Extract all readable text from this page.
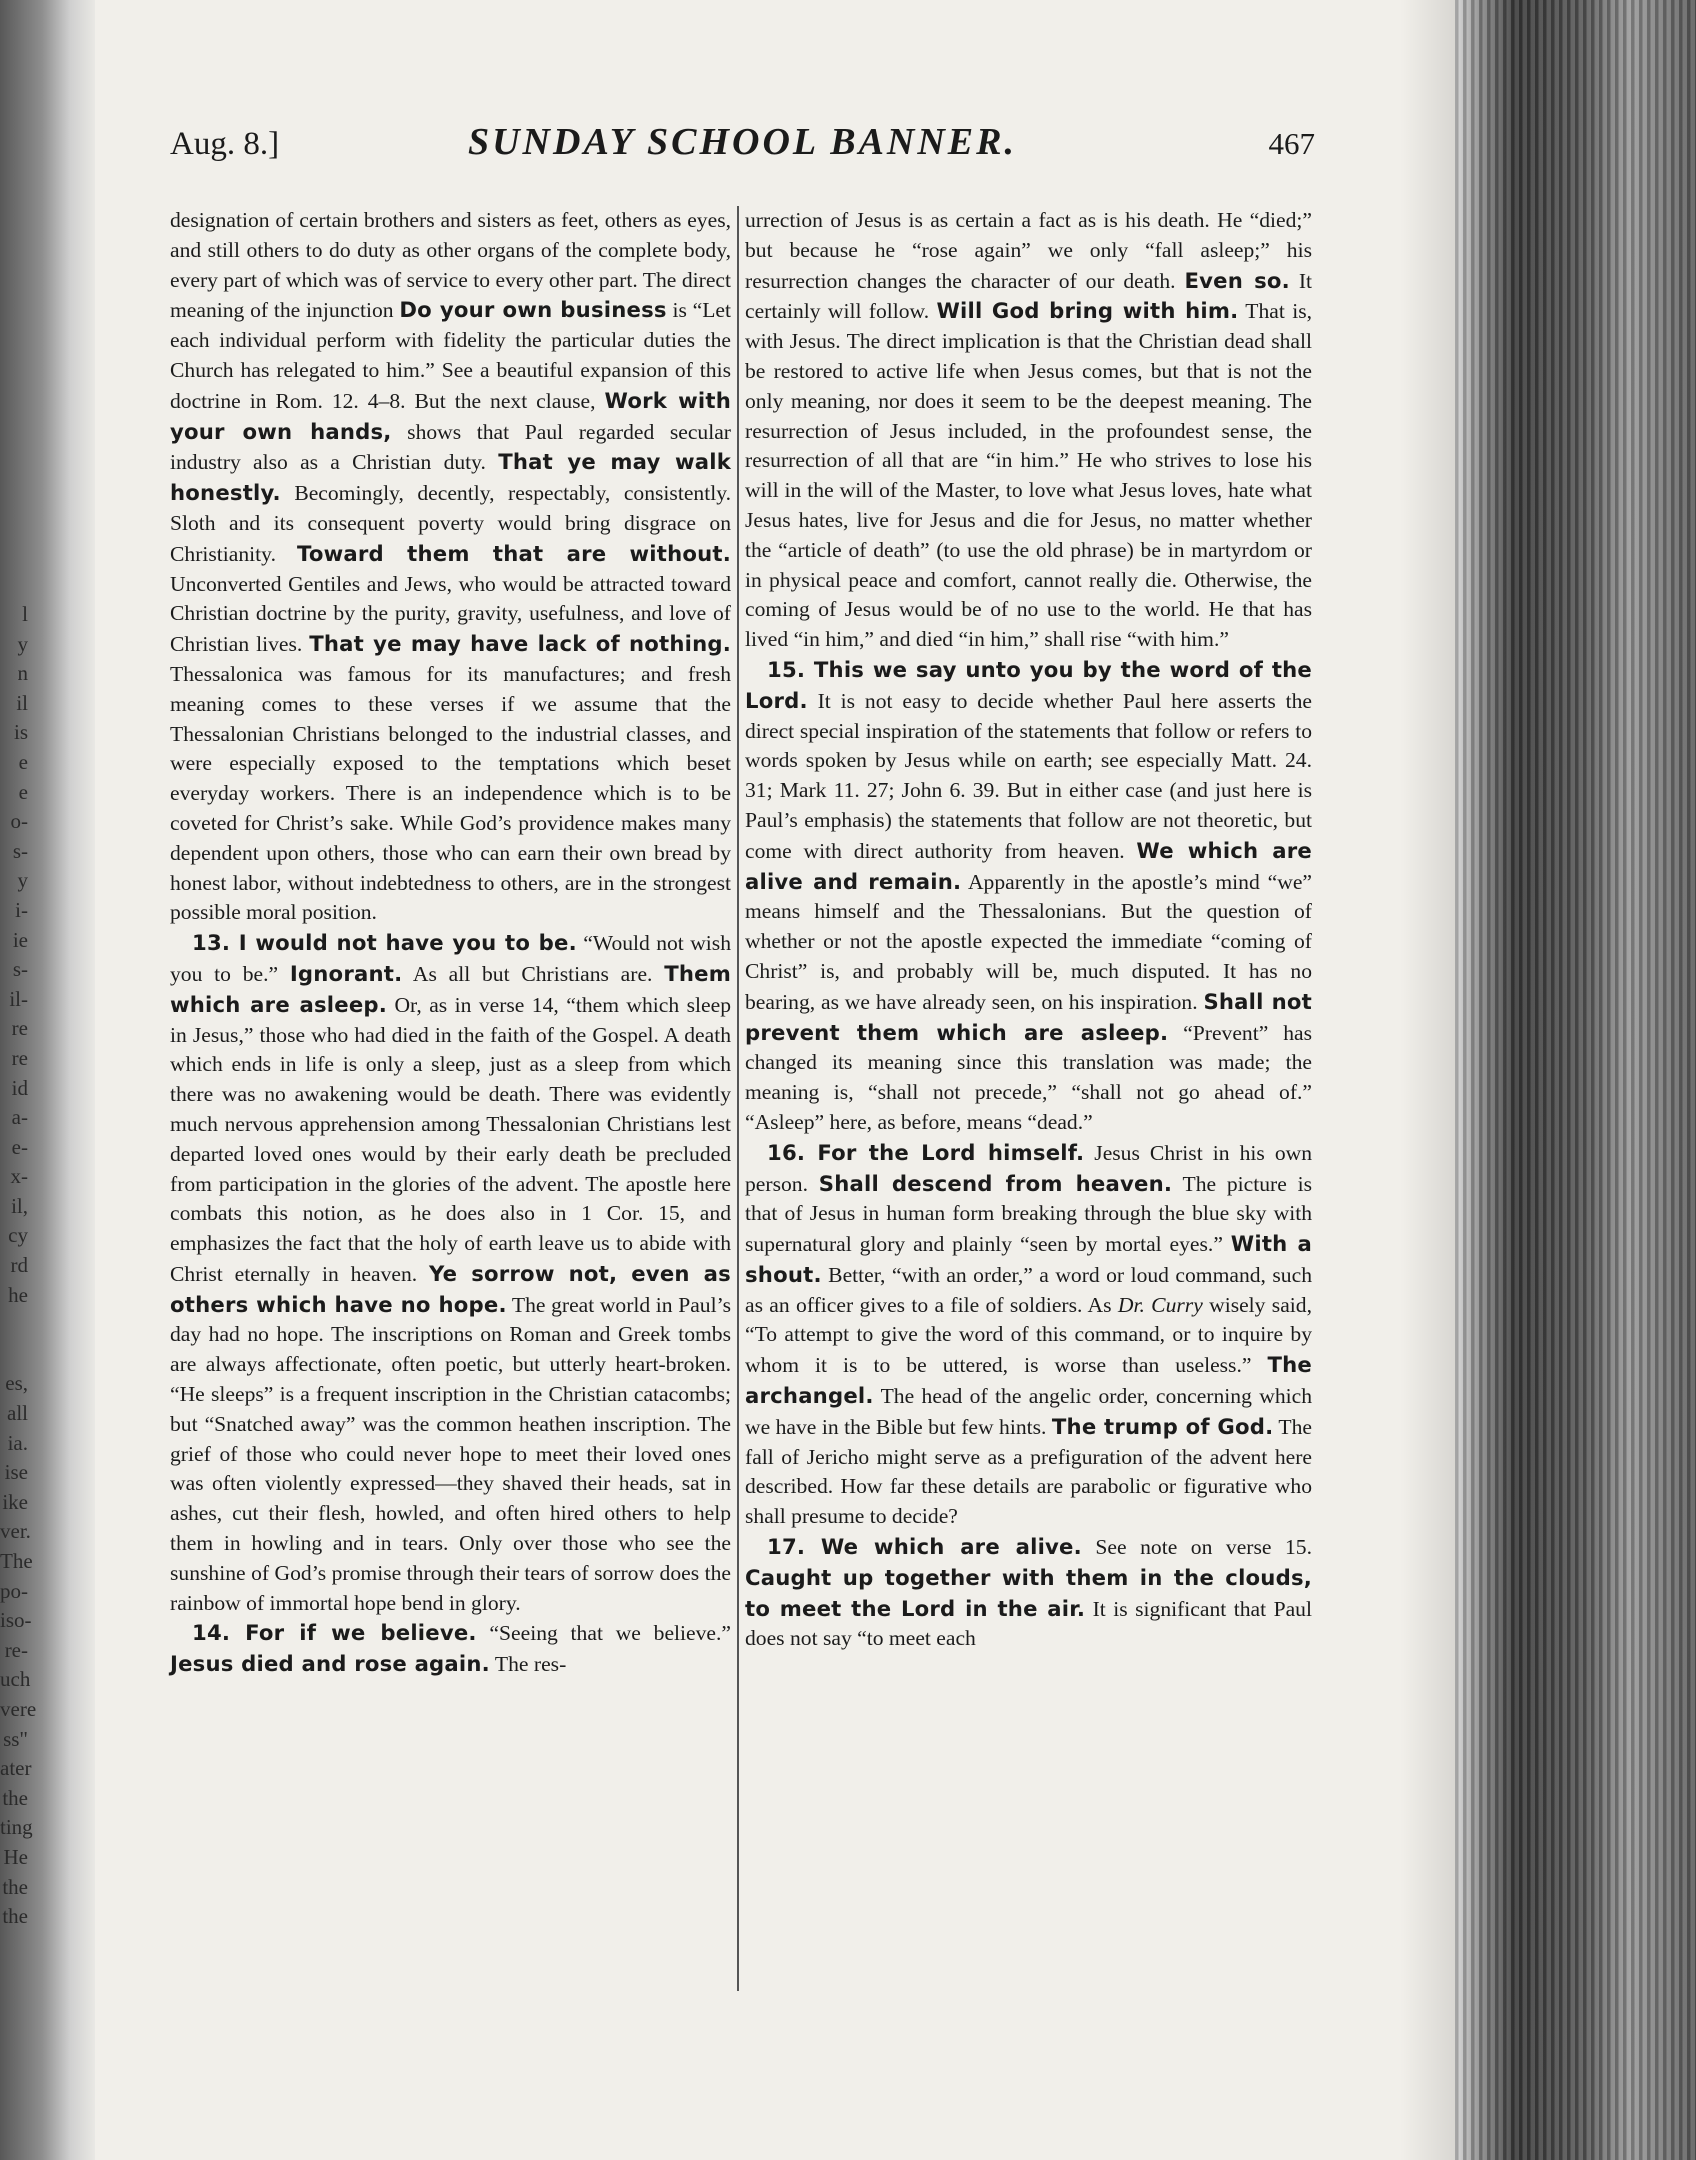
l
y
n
il
is
e
e
o-
s-
y
i-
ie
s-
il-
re
re
id
a-
e-
x-
il,
cy
rd
he

es,
all
ia.
ise
ike
ver.
The
po-
iso-
re-
uch
vere
ss"
ater
the
ting
He
the
the
Aug. 8.]	SUNDAY SCHOOL BANNER.	467

designation of certain brothers and sisters as feet, others as eyes, and still others to do duty as other organs of the complete body, every part of which was of service to every other part. The direct meaning of the injunction Do your own business is “Let each individual perform with fidelity the particular duties the Church has relegated to him.” See a beautiful expansion of this doctrine in Rom. 12. 4–8. But the next clause, Work with your own hands, shows that Paul regarded secular industry also as a Christian duty. That ye may walk honestly. Becomingly, decently, respectably, consistently. Sloth and its consequent poverty would bring disgrace on Christianity. Toward them that are without. Unconverted Gentiles and Jews, who would be attracted toward Christian doctrine by the purity, gravity, usefulness, and love of Christian lives. That ye may have lack of nothing. Thessalonica was famous for its manufactures; and fresh meaning comes to these verses if we assume that the Thessalonian Christians belonged to the industrial classes, and were especially exposed to the temptations which beset everyday workers. There is an independence which is to be coveted for Christ’s sake. While God’s providence makes many dependent upon others, those who can earn their own bread by honest labor, without indebtedness to others, are in the strongest possible moral position.

13. I would not have you to be. “Would not wish you to be.” Ignorant. As all but Christians are. Them which are asleep. Or, as in verse 14, “them which sleep in Jesus,” those who had died in the faith of the Gospel. A death which ends in life is only a sleep, just as a sleep from which there was no awakening would be death. There was evidently much nervous apprehension among Thessalonian Christians lest departed loved ones would by their early death be precluded from participation in the glories of the advent. The apostle here combats this notion, as he does also in 1 Cor. 15, and emphasizes the fact that the holy of earth leave us to abide with Christ eternally in heaven. Ye sorrow not, even as others which have no hope. The great world in Paul’s day had no hope. The inscriptions on Roman and Greek tombs are always affectionate, often poetic, but utterly heart-broken. “He sleeps” is a frequent inscription in the Christian catacombs; but “Snatched away” was the common heathen inscription. The grief of those who could never hope to meet their loved ones was often violently expressed—they shaved their heads, sat in ashes, cut their flesh, howled, and often hired others to help them in howling and in tears. Only over those who see the sunshine of God’s promise through their tears of sorrow does the rainbow of immortal hope bend in glory.

14. For if we believe. “Seeing that we believe.” Jesus died and rose again. The res-

urrection of Jesus is as certain a fact as is his death. He “died;” but because he “rose again” we only “fall asleep;” his resurrection changes the character of our death. Even so. It certainly will follow. Will God bring with him. That is, with Jesus. The direct implication is that the Christian dead shall be restored to active life when Jesus comes, but that is not the only meaning, nor does it seem to be the deepest meaning. The resurrection of Jesus included, in the profoundest sense, the resurrection of all that are “in him.” He who strives to lose his will in the will of the Master, to love what Jesus loves, hate what Jesus hates, live for Jesus and die for Jesus, no matter whether the “article of death” (to use the old phrase) be in martyrdom or in physical peace and comfort, cannot really die. Otherwise, the coming of Jesus would be of no use to the world. He that has lived “in him,” and died “in him,” shall rise “with him.”

15. This we say unto you by the word of the Lord. It is not easy to decide whether Paul here asserts the direct special inspiration of the statements that follow or refers to words spoken by Jesus while on earth; see especially Matt. 24. 31; Mark 11. 27; John 6. 39. But in either case (and just here is Paul’s emphasis) the statements that follow are not theoretic, but come with direct authority from heaven. We which are alive and remain. Apparently in the apostle’s mind “we” means himself and the Thessalonians. But the question of whether or not the apostle expected the immediate “coming of Christ” is, and probably will be, much disputed. It has no bearing, as we have already seen, on his inspiration. Shall not prevent them which are asleep. “Prevent” has changed its meaning since this translation was made; the meaning is, “shall not precede,” “shall not go ahead of.” “Asleep” here, as before, means “dead.”

16. For the Lord himself. Jesus Christ in his own person. Shall descend from heaven. The picture is that of Jesus in human form breaking through the blue sky with supernatural glory and plainly “seen by mortal eyes.” With a shout. Better, “with an order,” a word or loud command, such as an officer gives to a file of soldiers. As Dr. Curry wisely said, “To attempt to give the word of this command, or to inquire by whom it is to be uttered, is worse than useless.” The archangel. The head of the angelic order, concerning which we have in the Bible but few hints. The trump of God. The fall of Jericho might serve as a prefiguration of the advent here described. How far these details are parabolic or figurative who shall presume to decide?

17. We which are alive. See note on verse 15. Caught up together with them in the clouds, to meet the Lord in the air. It is significant that Paul does not say “to meet each
